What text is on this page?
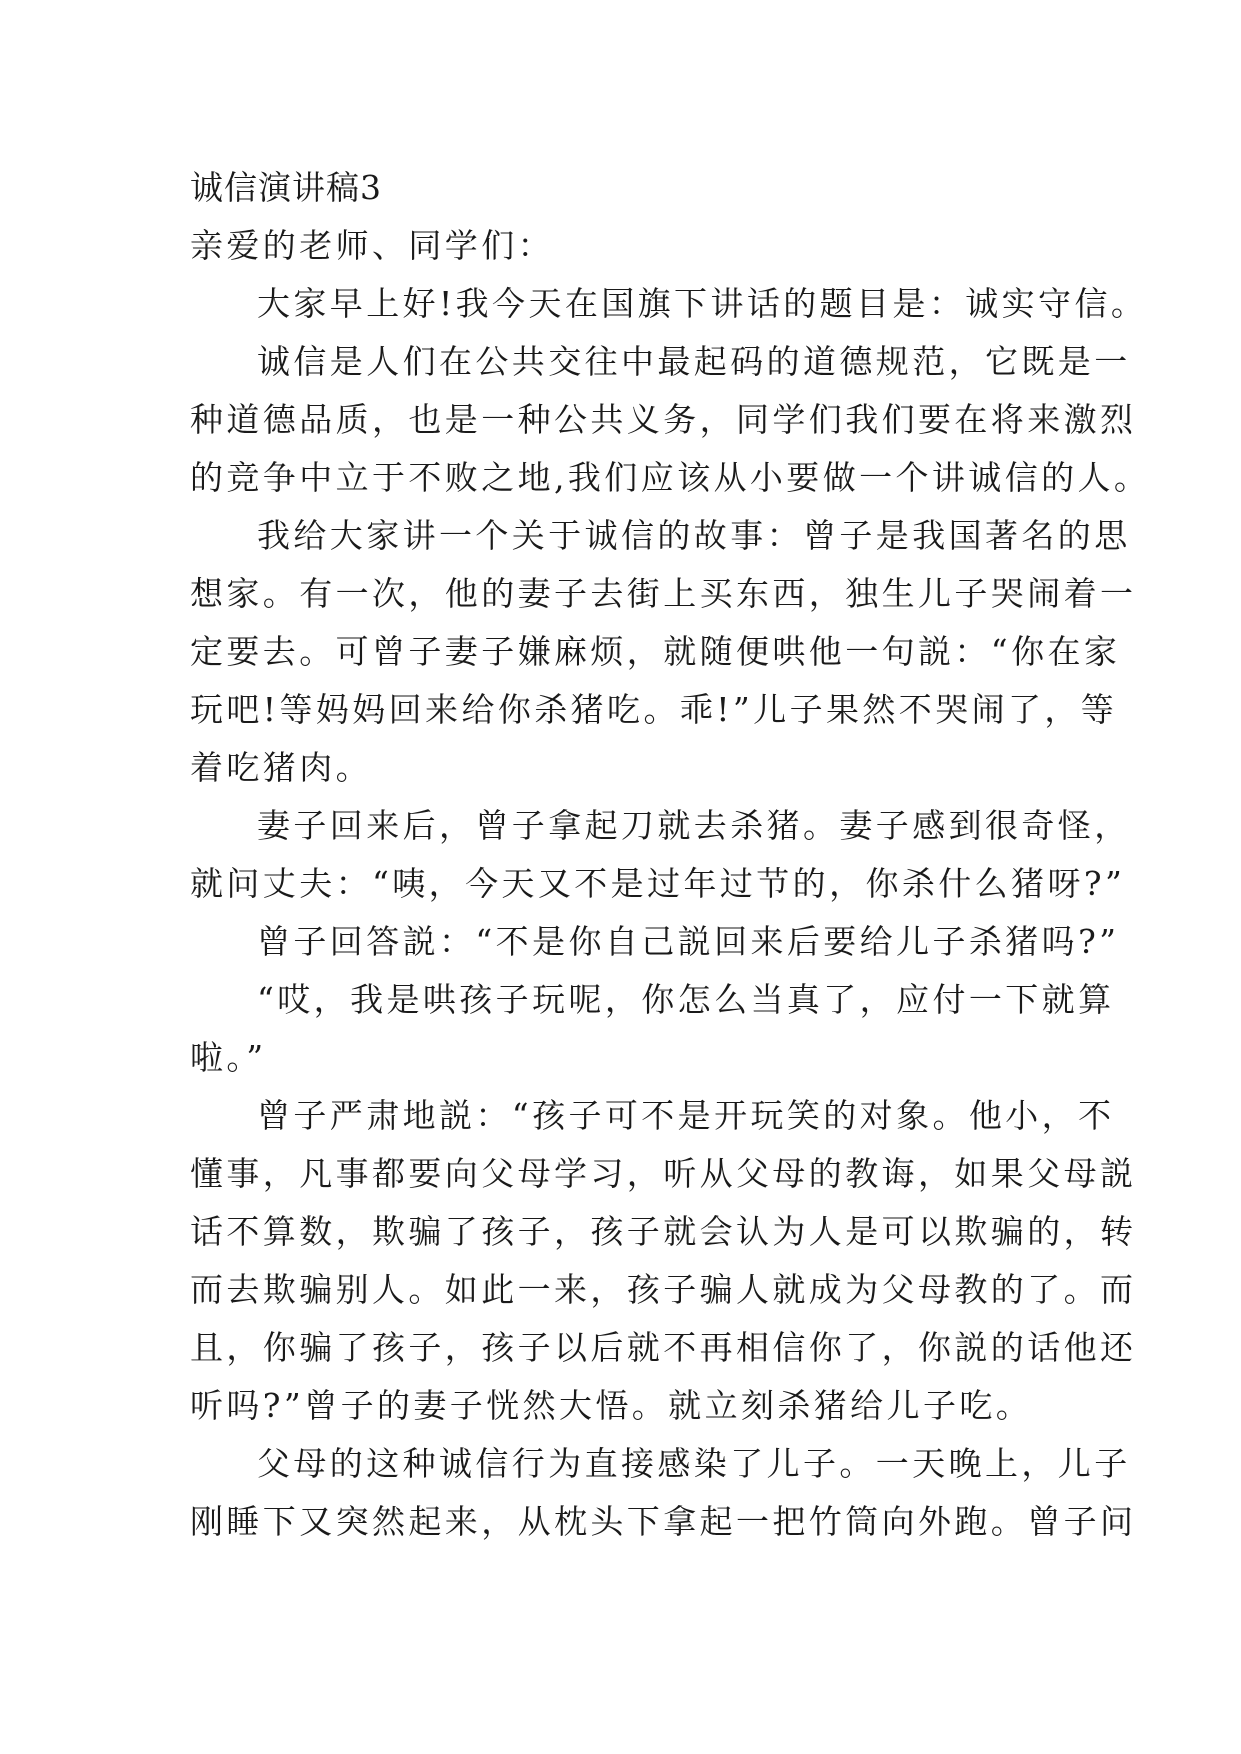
诚信演讲稿3
亲爱的老师、同学们：
大家早上好!我今天在国旗下讲话的题目是：诚实守信。
诚信是人们在公共交往中最起码的道德规范，它既是一
种道德品质，也是一种公共义务，同学们我们要在将来激烈
的竞争中立于不败之地,我们应该从小要做一个讲诚信的人。
我给大家讲一个关于诚信的故事：曾子是我国著名的思
想家。有一次，他的妻子去街上买东西，独生儿子哭闹着一
定要去。可曾子妻子嫌麻烦，就随便哄他一句説：“你在家
玩吧!等妈妈回来给你杀猪吃。乖!”儿子果然不哭闹了，等
着吃猪肉。
妻子回来后，曾子拿起刀就去杀猪。妻子感到很奇怪，
就问丈夫：“咦，今天又不是过年过节的，你杀什么猪呀?”
曾子回答説：“不是你自己説回来后要给儿子杀猪吗?”
“哎，我是哄孩子玩呢，你怎么当真了，应付一下就算
啦。”
曾子严肃地説：“孩子可不是开玩笑的对象。他小，不
懂事，凡事都要向父母学习，听从父母的教诲，如果父母説
话不算数，欺骗了孩子，孩子就会认为人是可以欺骗的，转
而去欺骗别人。如此一来，孩子骗人就成为父母教的了。而
且，你骗了孩子，孩子以后就不再相信你了，你説的话他还
听吗?”曾子的妻子恍然大悟。就立刻杀猪给儿子吃。
父母的这种诚信行为直接感染了儿子。一天晚上，儿子
刚睡下又突然起来，从枕头下拿起一把竹筒向外跑。曾子问
